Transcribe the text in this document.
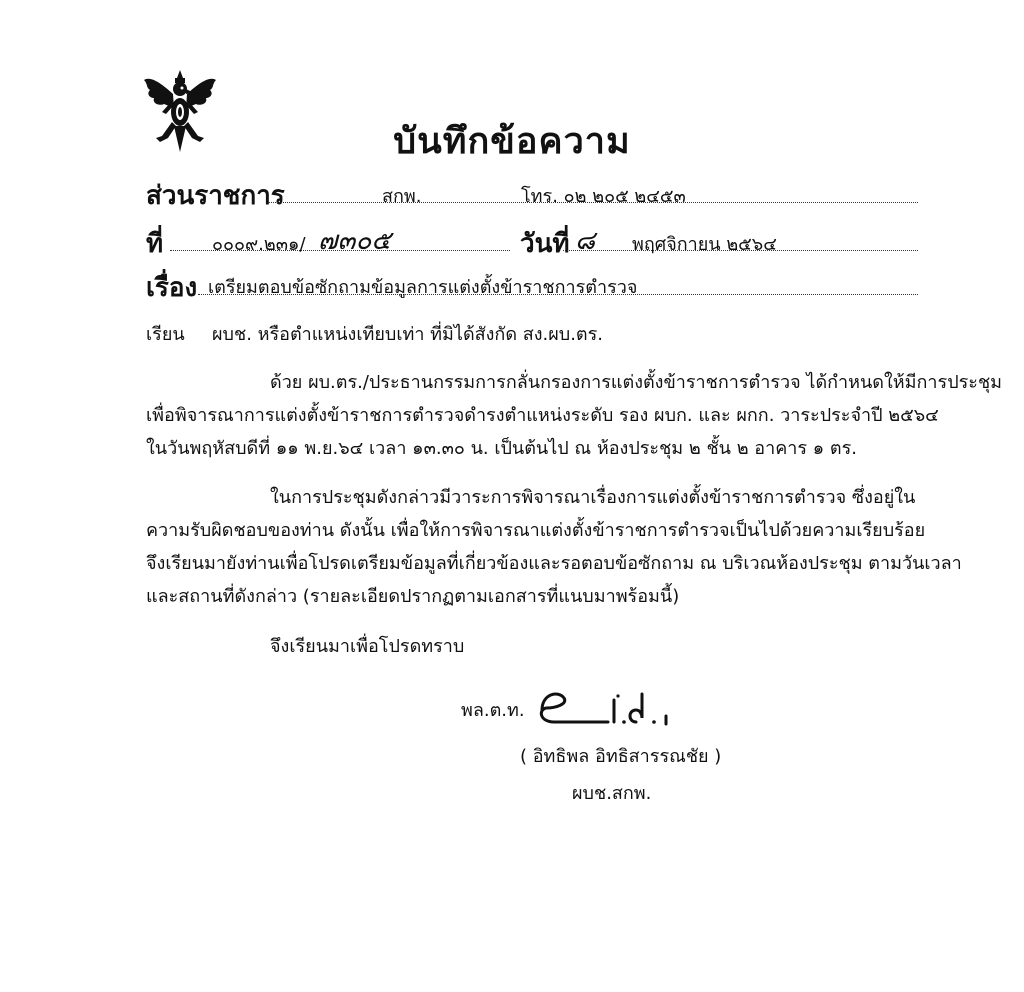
บันทึกข้อความ
ส่วนราชการ	สกพ.	โทร. ๐๒ ๒๐๕ ๒๔๕๓
ที่	๐๐๐๙.๒๓๑/ ๗๓๐๕	วันที่ ๘ พฤศจิกายน ๒๕๖๔
เรื่อง เตรียมตอบข้อซักถามข้อมูลการแต่งตั้งข้าราชการตำรวจ
เรียน ผบช. หรือตำแหน่งเทียบเท่า ที่มิได้สังกัด สง.ผบ.ตร.
ด้วย ผบ.ตร./ประธานกรรมการกลั่นกรองการแต่งตั้งข้าราชการตำรวจ ได้กำหนดให้มีการประชุม
เพื่อพิจารณาการแต่งตั้งข้าราชการตำรวจดำรงตำแหน่งระดับ รอง ผบก. และ ผกก. วาระประจำปี ๒๕๖๔
ในวันพฤหัสบดีที่ ๑๑ พ.ย.๖๔ เวลา ๑๓.๓๐ น. เป็นต้นไป ณ ห้องประชุม ๒ ชั้น ๒ อาคาร ๑ ตร.
ในการประชุมดังกล่าวมีวาระการพิจารณาเรื่องการแต่งตั้งข้าราชการตำรวจ ซึ่งอยู่ใน
ความรับผิดชอบของท่าน ดังนั้น เพื่อให้การพิจารณาแต่งตั้งข้าราชการตำรวจเป็นไปด้วยความเรียบร้อย
จึงเรียนมายังท่านเพื่อโปรดเตรียมข้อมูลที่เกี่ยวข้องและรอตอบข้อซักถาม ณ บริเวณห้องประชุม ตามวันเวลา
และสถานที่ดังกล่าว (รายละเอียดปรากฏตามเอกสารที่แนบมาพร้อมนี้)
จึงเรียนมาเพื่อโปรดทราบ
พล.ต.ท.
( อิทธิพล อิทธิสารรณชัย )
ผบช.สกพ.
